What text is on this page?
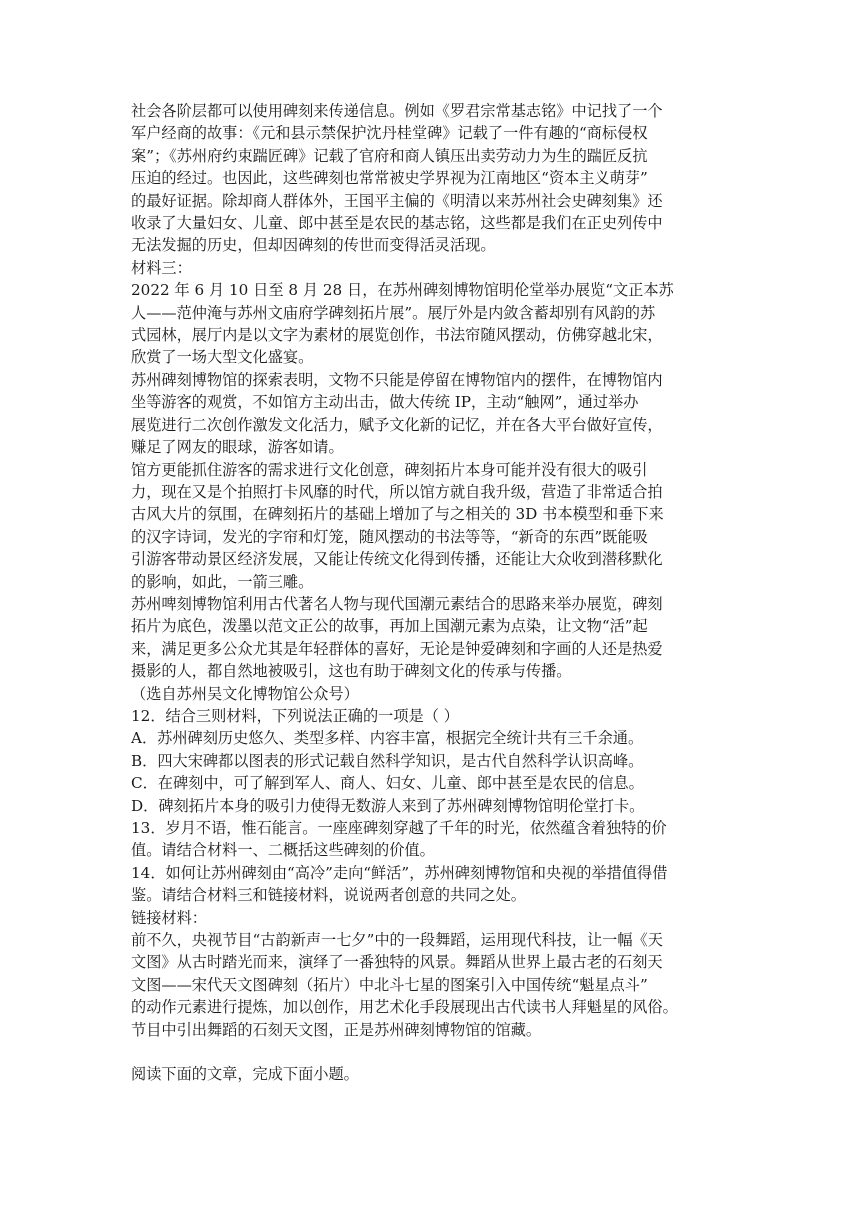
社会各阶层都可以使用碑刻来传递信息。例如《罗君宗常基志铭》中记找了一个
军户经商的故事：《元和县示禁保护沈丹桂堂碑》记载了一件有趣的“商标侵权
案”；《苏州府约束踹匠碑》记载了官府和商人镇压出卖劳动力为生的踹匠反抗
压迫的经过。也因此，这些碑刻也常常被史学界视为江南地区“资本主义萌芽”
的最好证据。除却商人群体外，王国平主偏的《明清以来苏州社会史碑刻集》还
收录了大量妇女、儿童、郎中甚至是农民的基志铭，这些都是我们在正史列传中
无法发掘的历史，但却因碑刻的传世而变得活灵活现。
材料三：
2022 年 6 月 10 日至 8 月 28 日，在苏州碑刻博物馆明伦堂举办展览“文正本苏
人——范仲淹与苏州文庙府学碑刻拓片展”。展厅外是内敛含蓄却别有风韵的苏
式园林，展厅内是以文字为素材的展览创作，书法帘随风摆动，仿佛穿越北宋，
欣赏了一场大型文化盛宴。
苏州碑刻博物馆的探索表明，文物不只能是停留在博物馆内的摆件，在博物馆内
坐等游客的观赏，不如馆方主动出击，做大传统 IP，主动“触网”，通过举办
展览进行二次创作激发文化活力，赋予文化新的记忆，并在各大平台做好宣传，
赚足了网友的眼球，游客如请。
馆方更能抓住游客的需求进行文化创意，碑刻拓片本身可能并没有很大的吸引
力，现在又是个拍照打卡风靡的时代，所以馆方就自我升级，营造了非常适合拍
古风大片的氛围，在碑刻拓片的基础上增加了与之相关的 3D 书本模型和垂下来
的汉字诗词，发光的字帘和灯笼，随风摆动的书法等等，“新奇的东西”既能吸
引游客带动景区经济发展，又能让传统文化得到传播，还能让大众收到潜移默化
的影响，如此，一箭三雕。
苏州啤刻博物馆利用古代著名人物与现代国潮元素结合的思路来举办展览，碑刻
拓片为底色，泼墨以范文正公的故事，再加上国潮元素为点染，让文物“活”起
来，满足更多公众尤其是年轻群体的喜好，无论是钟爱碑刻和字画的人还是热爱
摄影的人，都自然地被吸引，这也有助于碑刻文化的传承与传播。
（选自苏州吴文化博物馆公众号）
12．结合三则材料，下列说法正确的一项是（ ）
A．苏州碑刻历史悠久、类型多样、内容丰富，根据完全统计共有三千余通。
B．四大宋碑都以图表的形式记载自然科学知识，是古代自然科学认识高峰。
C．在碑刻中，可了解到军人、商人、妇女、儿童、郎中甚至是农民的信息。
D．碑刻拓片本身的吸引力使得无数游人来到了苏州碑刻博物馆明伦堂打卡。
13．岁月不语，惟石能言。一座座碑刻穿越了千年的时光，依然蕴含着独特的价
值。请结合材料一、二概括这些碑刻的价值。
14．如何让苏州碑刻由“高冷”走向“鲜活”，苏州碑刻博物馆和央视的举措值得借
鉴。请结合材料三和链接材料，说说两者创意的共同之处。
链接材料：
前不久，央视节目“古韵新声一七夕”中的一段舞蹈，运用现代科技，让一幅《天
文图》从古时踏光而来，演绎了一番独特的风景。舞蹈从世界上最古老的石刻天
文图——宋代天文图碑刻（拓片）中北斗七星的图案引入中国传统“魁星点斗”
的动作元素进行提炼，加以创作，用艺术化手段展现出古代读书人拜魁星的风俗。
节目中引出舞蹈的石刻天文图，正是苏州碑刻博物馆的馆藏。
阅读下面的文章，完成下面小题。
